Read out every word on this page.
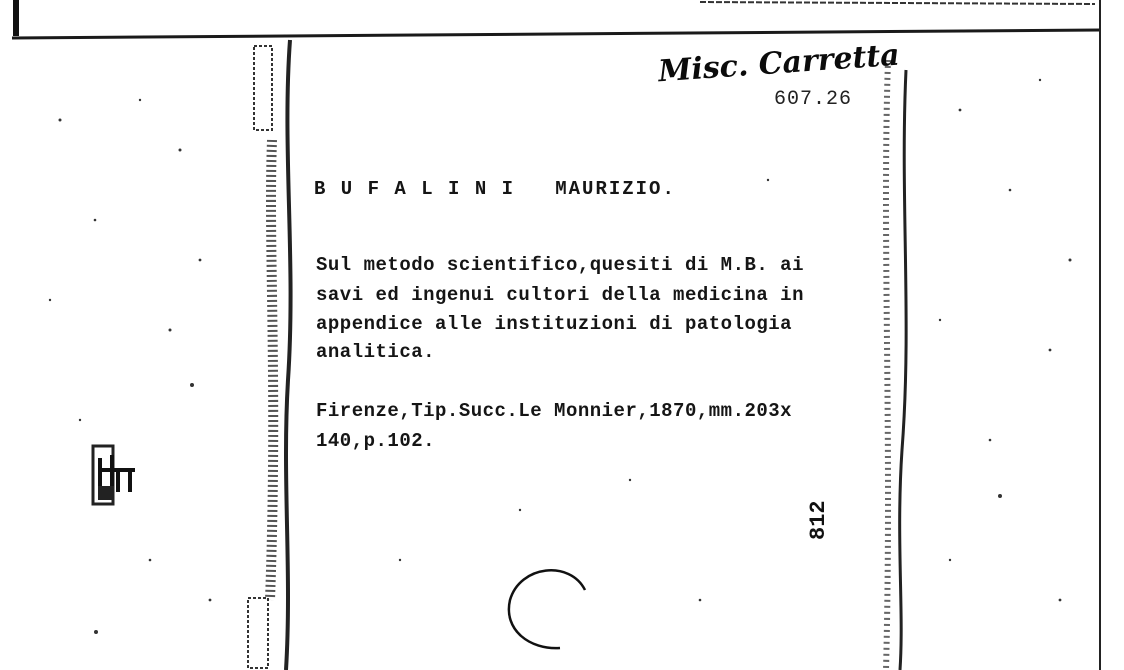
Misc. Carretta
607.26
B U F A L I N I   MAURIZIO.
Sul metodo scientifico,quesiti di M.B. ai
savi ed ingenui cultori della medicina in
appendice alle instituzioni di patologia
analitica.
Firenze,Tip.Succ.Le Monnier,1870,mm.203x
140,p.102.
812
